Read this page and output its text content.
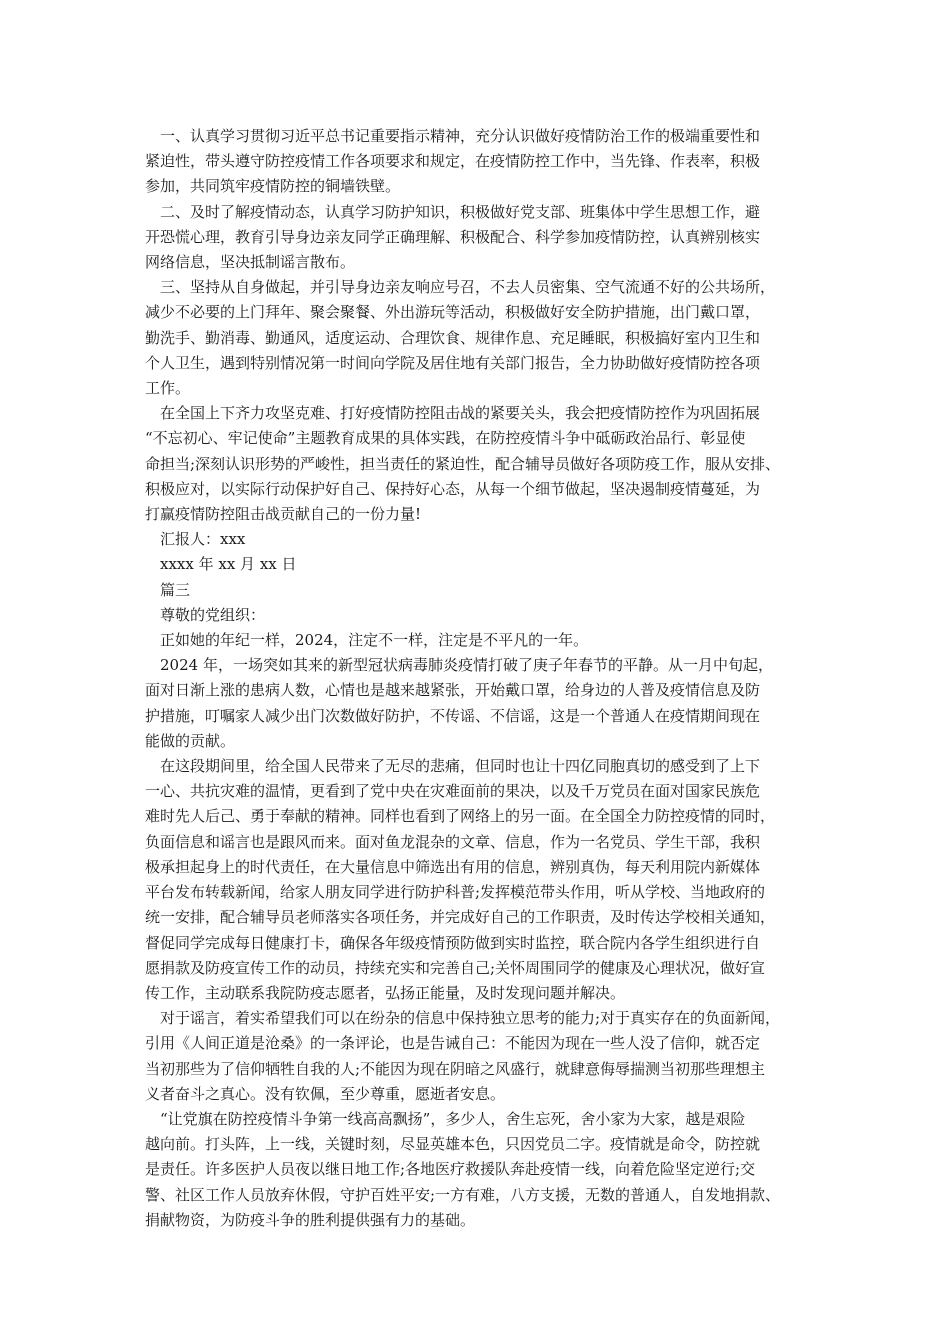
　一、认真学习贯彻习近平总书记重要指示精神，充分认识做好疫情防治工作的极端重要性和
紧迫性，带头遵守防控疫情工作各项要求和规定，在疫情防控工作中，当先锋、作表率，积极
参加，共同筑牢疫情防控的铜墙铁壁。

　二、及时了解疫情动态，认真学习防护知识，积极做好党支部、班集体中学生思想工作，避
开恐慌心理，教育引导身边亲友同学正确理解、积极配合、科学参加疫情防控，认真辨别核实
网络信息，坚决抵制谣言散布。

　三、坚持从自身做起，并引导身边亲友响应号召，不去人员密集、空气流通不好的公共场所，
减少不必要的上门拜年、聚会聚餐、外出游玩等活动，积极做好安全防护措施，出门戴口罩，
勤洗手、勤消毒、勤通风，适度运动、合理饮食、规律作息、充足睡眠，积极搞好室内卫生和
个人卫生，遇到特别情况第一时间向学院及居住地有关部门报告，全力协助做好疫情防控各项
工作。

　在全国上下齐力攻坚克难、打好疫情防控阻击战的紧要关头，我会把疫情防控作为巩固拓展
“不忘初心、牢记使命”主题教育成果的具体实践，在防控疫情斗争中砥砺政治品行、彰显使
命担当;深刻认识形势的严峻性，担当责任的紧迫性，配合辅导员做好各项防疫工作，服从安排、
积极应对，以实际行动保护好自己、保持好心态，从每一个细节做起，坚决遏制疫情蔓延，为
打赢疫情防控阻击战贡献自己的一份力量!

　汇报人：xxx

　xxxx 年 xx 月 xx 日

　篇三

　尊敬的党组织：

　正如她的年纪一样，2024，注定不一样，注定是不平凡的一年。

　2024 年，一场突如其来的新型冠状病毒肺炎疫情打破了庚子年春节的平静。从一月中旬起，
面对日渐上涨的患病人数，心情也是越来越紧张，开始戴口罩，给身边的人普及疫情信息及防
护措施，叮嘱家人减少出门次数做好防护，不传谣、不信谣，这是一个普通人在疫情期间现在
能做的贡献。

　在这段期间里，给全国人民带来了无尽的悲痛，但同时也让十四亿同胞真切的感受到了上下
一心、共抗灾难的温情，更看到了党中央在灾难面前的果决，以及千万党员在面对国家民族危
难时先人后己、勇于奉献的精神。同样也看到了网络上的另一面。在全国全力防控疫情的同时，
负面信息和谣言也是跟风而来。面对鱼龙混杂的文章、信息，作为一名党员、学生干部，我积
极承担起身上的时代责任，在大量信息中筛选出有用的信息，辨别真伪，每天利用院内新媒体
平台发布转载新闻，给家人朋友同学进行防护科普;发挥模范带头作用，听从学校、当地政府的
统一安排，配合辅导员老师落实各项任务，并完成好自己的工作职责，及时传达学校相关通知，
督促同学完成每日健康打卡，确保各年级疫情预防做到实时监控，联合院内各学生组织进行自
愿捐款及防疫宣传工作的动员，持续充实和完善自己;关怀周围同学的健康及心理状况，做好宣
传工作，主动联系我院防疫志愿者，弘扬正能量，及时发现问题并解决。

　对于谣言，着实希望我们可以在纷杂的信息中保持独立思考的能力;对于真实存在的负面新闻，
引用《人间正道是沧桑》的一条评论，也是告诫自己：不能因为现在一些人没了信仰，就否定
当初那些为了信仰牺牲自我的人;不能因为现在阴暗之风盛行，就肆意侮辱揣测当初那些理想主
义者奋斗之真心。没有钦佩，至少尊重，愿逝者安息。

　“让党旗在防控疫情斗争第一线高高飘扬”，多少人，舍生忘死，舍小家为大家，越是艰险
越向前。打头阵，上一线，关键时刻，尽显英雄本色，只因党员二字。疫情就是命令，防控就
是责任。许多医护人员夜以继日地工作;各地医疗救援队奔赴疫情一线，向着危险坚定逆行;交
警、社区工作人员放弃休假，守护百姓平安;一方有难，八方支援，无数的普通人，自发地捐款、
捐献物资，为防疫斗争的胜利提供强有力的基础。
